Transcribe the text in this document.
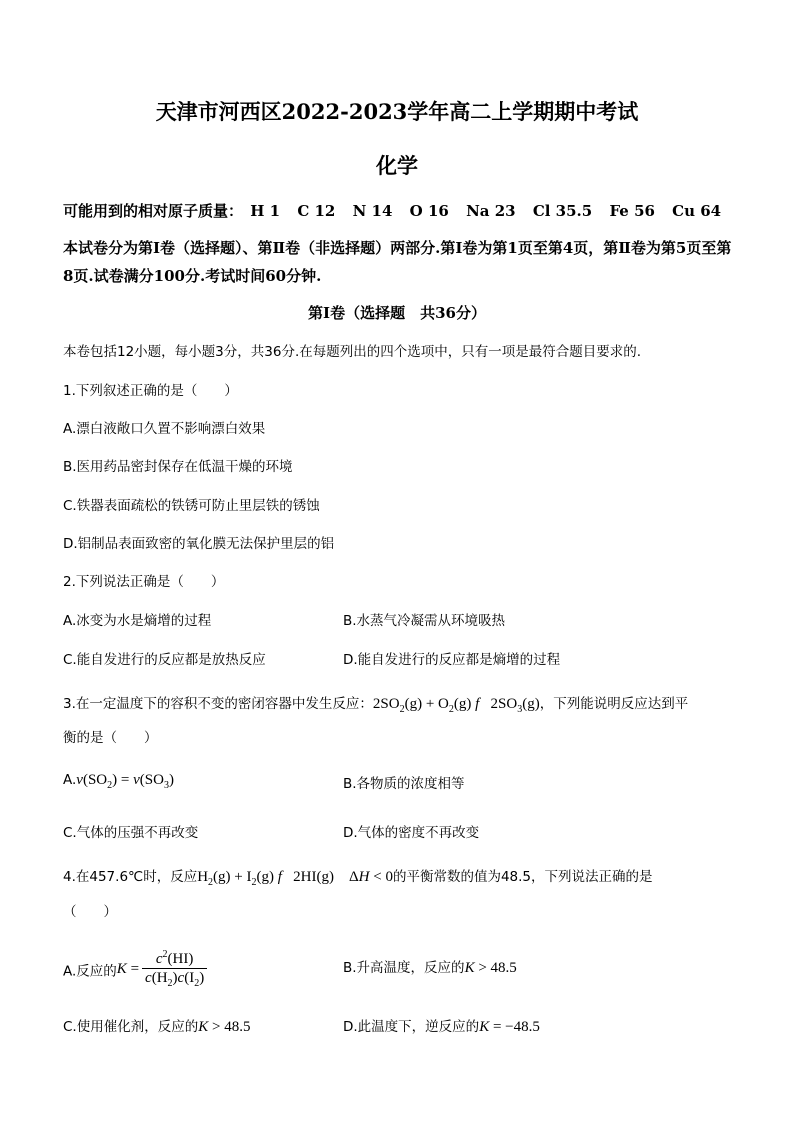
天津市河西区2022-2023学年高二上学期期中考试
化学
可能用到的相对原子质量： H 1 C 12 N 14 O 16 Na 23 Cl 35.5 Fe 56 Cu 64
本试卷分为第Ⅰ卷（选择题）、第Ⅱ卷（非选择题）两部分.第Ⅰ卷为第1页至第4页，第Ⅱ卷为第5页至第8页.试卷满分100分.考试时间60分钟.
第Ⅰ卷（选择题　共36分）
本卷包括12小题，每小题3分，共36分.在每题列出的四个选项中，只有一项是最符合题目要求的.
1.下列叙述正确的是（　　）
A.漂白液敞口久置不影响漂白效果
B.医用药品密封保存在低温干燥的环境
C.铁器表面疏松的铁锈可防止里层铁的锈蚀
D.铝制品表面致密的氧化膜无法保护里层的铝
2.下列说法正确是（　　）
A.冰变为水是熵增的过程	B.水蒸气冷凝需从环境吸热
C.能自发进行的反应都是放热反应	D.能自发进行的反应都是熵增的过程
3.在一定温度下的容积不变的密闭容器中发生反应：$2SO_2(g) + O_2(g)$ f   $2SO_3(g)$，下列能说明反应达到平
衡的是（　　）
$A.v(SO_2) = v(SO_3)$	B.各物质的浓度相等
C.气体的压强不再改变	D.气体的密度不再改变
4.在457.6℃时，反应$H_2(g) + I_2(g)$ f   2HI(g)    ΔH < 0的平衡常数的值为48.5，下列说法正确的是
（　　）
A.反应的$K = \frac{c^2(HI)}{c(H_2)c(I_2)}$	B.升高温度，反应的K > 48.5
C.使用催化剂，反应的K > 48.5	D.此温度下，逆反应的K = −48.5
